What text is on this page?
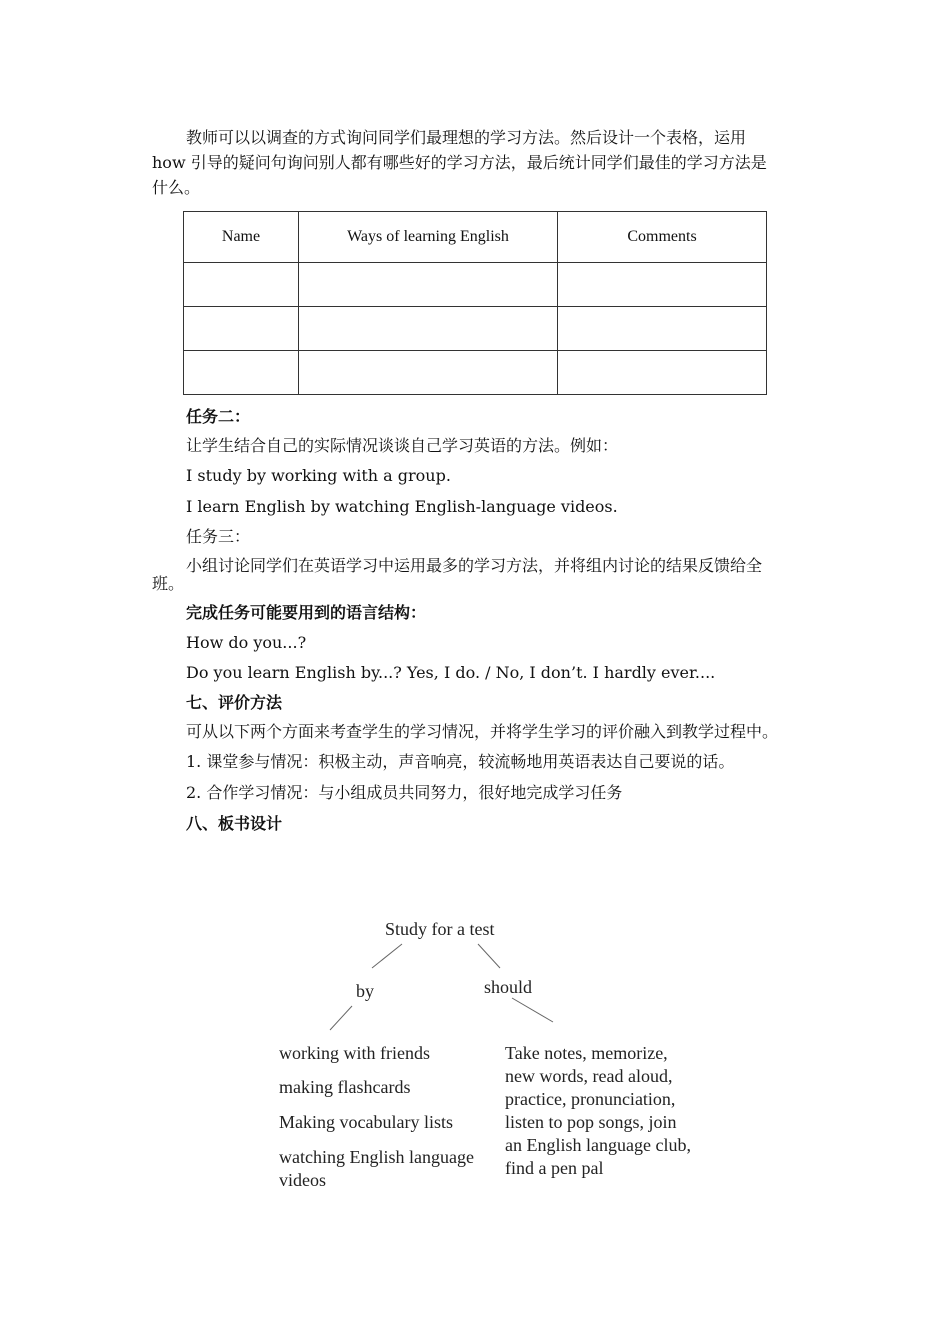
教师可以以调查的方式询问同学们最理想的学习方法。然后设计一个表格，运用

how 引导的疑问句询问别人都有哪些好的学习方法，最后统计同学们最佳的学习方法是

什么。

Name	Ways of learning English	Comments

任务二：
让学生结合自己的实际情况谈谈自己学习英语的方法。例如：
I study by working with a group.
I learn English by watching English-language videos.
任务三：
小组讨论同学们在英语学习中运用最多的学习方法，并将组内讨论的结果反馈给全
班。
完成任务可能要用到的语言结构：
How do you...?
Do you learn English by...? Yes, I do. / No, I don’t. I hardly ever....
七、评价方法
可从以下两个方面来考查学生的学习情况，并将学生学习的评价融入到教学过程中。
1. 课堂参与情况：积极主动，声音响亮，较流畅地用英语表达自己要说的话。
2. 合作学习情况：与小组成员共同努力，很好地完成学习任务
八、板书设计
Study for a test
by	should
working with friends
making flashcards
Making vocabulary lists
watching English language
videos
Take notes, memorize,
new words, read aloud,
practice, pronunciation,
listen to pop songs, join
an English language club,
find a pen pal
